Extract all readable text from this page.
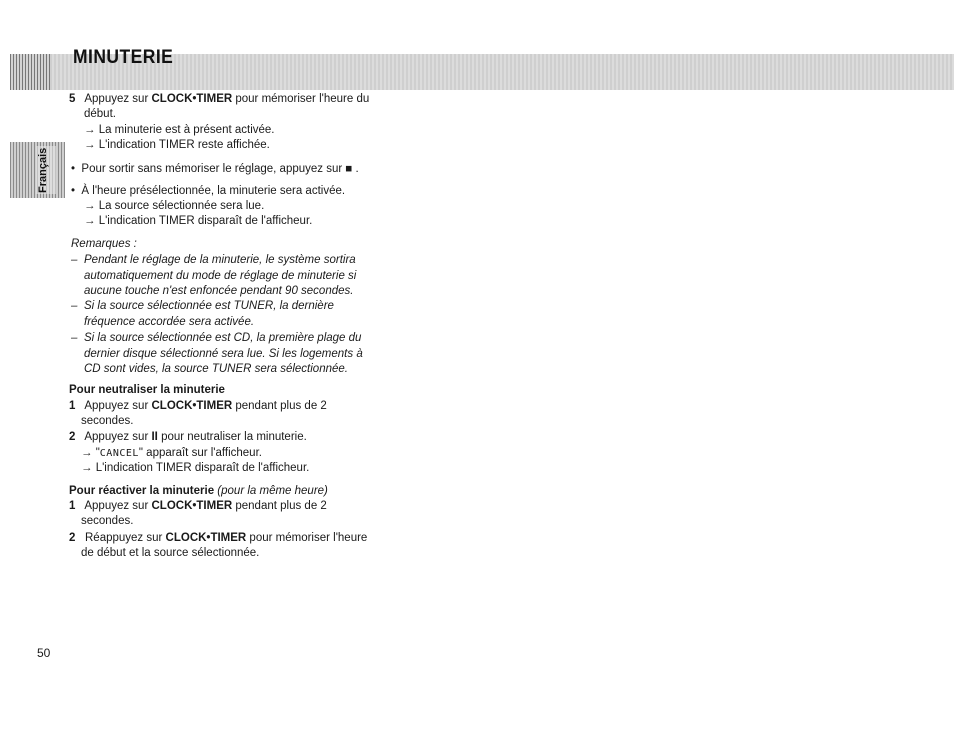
MINUTERIE
Français
5 Appuyez sur CLOCK•TIMER pour mémoriser l'heure du
début.
→ La minuterie est à présent activée.
→ L'indication TIMER reste affichée.
• Pour sortir sans mémoriser le réglage, appuyez sur ■ .
• À l'heure présélectionnée, la minuterie sera activée.
→ La source sélectionnée sera lue.
→ L'indication TIMER disparaît de l'afficheur.
Remarques :
– Pendant le réglage de la minuterie, le système sortira
automatiquement du mode de réglage de minuterie si
aucune touche n'est enfoncée pendant 90 secondes.
– Si la source sélectionnée est TUNER, la dernière
fréquence accordée sera activée.
– Si la source sélectionnée est CD, la première plage du
dernier disque sélectionné sera lue. Si les logements à
CD sont vides, la source TUNER sera sélectionnée.
Pour neutraliser la minuterie
1 Appuyez sur CLOCK•TIMER pendant plus de 2
secondes.
2 Appuyez sur II pour neutraliser la minuterie.
→ "CANCEL" apparaît sur l'afficheur.
→ L'indication TIMER disparaît de l'afficheur.
Pour réactiver la minuterie (pour la même heure)
1 Appuyez sur CLOCK•TIMER pendant plus de 2
secondes.
2 Réappuyez sur CLOCK•TIMER pour mémoriser l'heure
de début et la source sélectionnée.
50
